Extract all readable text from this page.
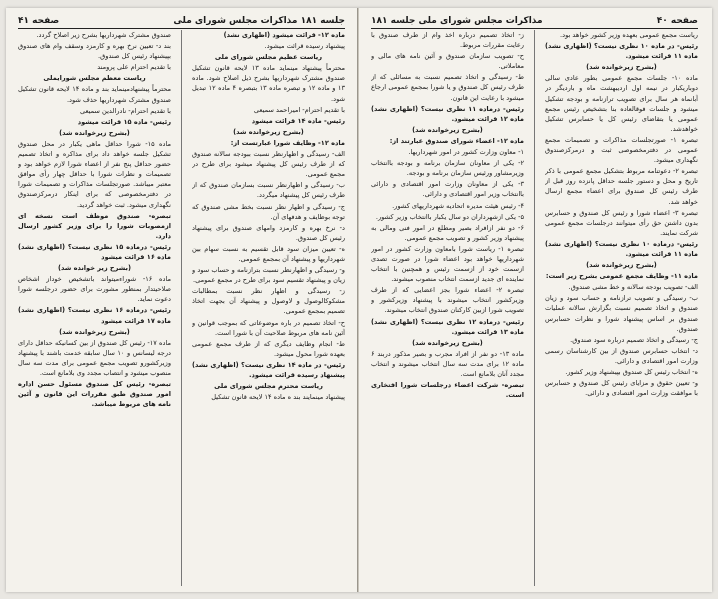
جلسه ۱۸۱ مذاکرات مجلس شورای ملی
صفحه ۴۱

ماده ۱۲- قرائت میشود (اظهاری نشد)

پیشنهاد رسیده قرائت میشود.

ریاست عظیم مجلس شورای ملی

محترماً پیشنهاد مینماید ماده ۱۳ لایحه قانون تشکیل صندوق مشترک شهرداریها بشرح ذیل اصلاح شود. ماده ۱۳ و ماده ۱۲ و تبصره ماده ۱۳ بتبصره ۴ ماده ۱۲ تبدیل شود.

با تقدیم احترام- امیراحمد سمیعی

رئیس- ماده ۱۴ قرائت میشود

(بشرح زیرخوانده شد)

ماده ۱۲- وظایف شورا عبارتست از:

الف- رسیدگی و اظهارنظر نسبت ببودجه سالانه صندوق که از طرف رئیس کل پیشنهاد میشود برای طرح در مجمع عمومی.

ب- رسیدگی و اظهارنظر نسبت بسازمان صندوق که از طرف رئیس کل پیشنهاد میگردد.

ج- رسیدگی و اظهار نظر نسبت بخط مشی صندوق که توجه بوظایف و هدفهای آن.

د- نرخ بهره و کارمزد وامهای صندوق برای پیشنهاد رئیس کل صندوق.

ه- تعیین میزان سود قابل تقسیم به نسبت سهام بین شهرداریها و پیشنهاد آن بمجمع عمومی.

و- رسیدگی و اظهارنظر نسبت بترازنامه و حساب سود و زیان و پیشنهاد تقسیم سود برای طرح در مجمع عمومی.

ز- رسیدگی و اظهار نظر نسبت بمطالبات مشکوکالوصول و لاوصول و پیشنهاد آن بجهت اتخاذ تصمیم بمجمع عمومی.

ح- اتخاذ تصمیم در باره موضوعاتی که بموجب قوانین و آئین نامه های مربوط صلاحیت آن با شورا است.

ط- انجام وظایف دیگری که از طرف مجمع عمومی بعهده شورا محول میشود.

رئیس- در ماده ۱۴ نظری نیست؟ (اظهاری نشد) پیشنهاد رسیده قرائت میشود.

ریاست محترم مجلس شورای ملی

پیشنهاد مینمایند بند ه ماده ۱۴ لایحه قانون تشکیل

صندوق مشترک شهرداریها بشرح زیر اصلاح گردد.

بند د- تعیین نرخ بهره و کارمزد وسقف وام های صندوق بپیشنهاد رئیس کل صندوق.

با تقدیم احترام علی پرومند

ریاست معظم مجلس شورایملی

محترماً پیشنهادمینماید بند و ماده ۱۴ لایحه قانون تشکیل صندوق مشترک شهرداریها حذف شود.

با تقدیم احترام- نادرالدین سمیعی

رئیس- ماده ۱۵ قرائت میشود

(بشرح زیرخوانده شد)

ماده ۱۵- شورا حداقل ماهی یکبار در محل صندوق تشکیل جلسه خواهد داد برای مذاکره و اتخاذ تصمیم حضور حداقل پنج نفر از اعضاء شورا لازم خواهد بود و تصمیمات و نظرات شورا با حداقل چهار رأی موافق معتبر میباشد. صورتجلسات مذاکرات و تصمیمات شورا در دفترمخصوصی که برای اینکار درمرکزصندوق نگهداری میشود. ثبت خواهد گردید.

تبصره- صندوق موظف است نسخه ای ازمصوبات شورا را برای وزیر کشور ارسال دارد.

رئیس- درماده ۱۵ نظری نیست؟ (اظهاری نشد) ماده ۱۶ قرائت میشود

(بشرح زیر خوانده شد)

ماده ۱۶- شوراءمیتواند باتشخیص خوداز اشخاص صلاحیتدار بمنظور مشورت برای حضور درجلسه شورا دعوت نماید.

رئیس- درماده ۱۶ نظری نیست؟ (اظهاری نشد) ماده ۱۷ قرائت میشود

(بشرح زیرخوانده شد)

ماده ۱۷- رئیس کل صندوق از بین کسانیکه حداقل دارای درجه لیسانس و ۱۰ سال سابقه خدمت باشند با پیشنهاد وزیرکشورو تصویب مجمع عمومی برای مدت سه سال منصوب میشود و انتصاب مجدد وی بلامانع است.

تبصره- رئیس کل صندوق مسئول حسن اداره امور صندوق طبق مقررات این قانون و آئین نامه های مربوط میباشد.

صفحه ۴۰
مذاکرات مجلس شورای ملی جلسه ۱۸۱

ریاست مجمع عمومی بعهده وزیر کشور خواهد بود.

رئیس- در ماده ۱۰ نظری نیست؟ (اظهاری نشد) ماده ۱۱ قرائت میشود.

(بشرح زیرخوانده شد)

ماده ۱۰- جلسات مجمع عمومی بطور عادی سالی دوباریکبار در نیمه اول اردیبهشت ماه و باردیگر در آبانماه هر سال برای تصویب ترازنامه و بودجه تشکیل میشود و جلسات فوقالعاده بنا بتشخیص رئیس مجمع عمومی یا بتقاضای رئیس کل یا حسابرس تشکیل خواهدشد.

تبصره ۱- صورتجلسات مذاکرات و تصمیمات مجمع عمومی در دفترمخصوصی ثبت و درمرکزصندوق نگهداری میشود.

تبصره ۲- دعوتنامه مربوط بتشکیل مجمع عمومی با ذکر تاریخ و محل و دستور جلسه حداقل پانزده روز قبل از طرف رئیس کل صندوق برای اعضاء مجمع ارسال خواهد شد.

تبصره ۳- اعضاء شورا و رئیس کل صندوق و حسابرس بدون داشتن حق رأی میتوانند درجلسات مجمع عمومی شرکت نمایند.

رئیس- درماده ۱۰ نظری نیست؟ (اظهاری نشد) ماده ۱۱ قرائت میشود.

(بشرح زیرخوانده شد)

ماده ۱۱- وظایف مجمع عمومی بشرح زیر است:

الف- تصویب بودجه سالانه و خط مشی صندوق.

ب- رسیدگی و تصویب ترازنامه و حساب سود و زیان صندوق و اتخاذ تصمیم نسبت بگزارش سالانه عملیات صندوق بر اساس پیشنهاد شورا و نظرات حسابرس صندوق.

ج- رسیدگی و اتخاذ تصمیم درباره سود صندوق.

د- انتخاب حسابرس صندوق از بین کارشناسان رسمی وزارت امور اقتصادی و دارائی.

ه- انتخاب رئیس کل صندوق بپیشنهاد وزیر کشور.

و- تعیین حقوق و مزایای رئیس کل صندوق و حسابرس با موافقت وزارت امور اقتصادی و دارائی.

ز- اتخاذ تصمیم درباره اخذ وام از طرف صندوق با رعایت مقررات مربوط.

ح- تصویب سازمان صندوق و آئین نامه های مالی و معاملاتی.

ط- رسیدگی و اتخاذ تصمیم نسبت به مسائلی که از طرف رئیس کل صندوق و یا شورا بمجمع عمومی ارجاع میشود با رعایت این قانون.

رئیس- درماده ۱۱ نظری نیست؟ (اظهاری نشد) ماده ۱۲ قرائت میشود.

(بشرح زیرخوانده شد)

ماده ۱۲- اعضاء شورای صندوق عبارتند از:

۱- معاون وزارت کشور در امور شهرداریها.

۲- یکی از معاونان سازمان برنامه و بودجه باانتخاب وزیرمشاور ورئیس سازمان برنامه و بودجه.

۳- یکی از معاونان وزارت امور اقتصادی و دارائی باانتخاب وزیر امور اقتصادی و دارائی.

۴- رئیس هیئت مدیره اتحادیه شهرداریهای کشور.

۵- یکی ازشهرداران دو سال یکبار باانتخاب وزیر کشور.

۶- دو نفر ازافراد بصیر ومطلع در امور فنی ومالی به پیشنهاد وزیر کشور و تصویب مجمع عمومی.

تبصره ۱- ریاست شورا بامعاون وزارت کشور در امور شهرداریها خواهد بود اعضاء شورا در صورت تصدی ازسمت خود از ازسمت رئیس و همچنین با انتخاب نماینده ای جدید ازسمت انتخاب منصوب میشوند.

تبصره ۲- اعضاء شورا بجز اعضایی که از طرف وزیرکشور انتخاب میشوند با پیشنهاد وزیرکشور و تصویب شورا ازبین کارکنان صندوق انتخاب میشوند.

رئیس- درماده ۱۲ نظری نیست؟ (اظهاری نشد) ماده ۱۳ قرائت میشود.

(بشرح زیرخوانده شد)

ماده ۱۳- دو نفر از افراد مجرب و بصیر مذکور دربند ۶ ماده ۱۲ برای مدت سه سال انتخاب میشوند و انتخاب مجدد آنان بلامانع است.

تبصره- شرکت اعضاء درجلسات شورا افتخاری است.
